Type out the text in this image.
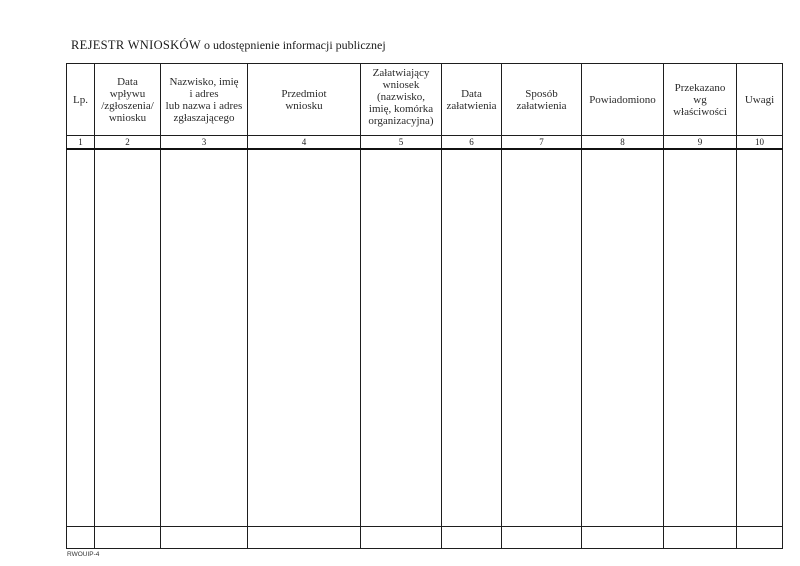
REJESTR WNIOSKÓW o udostępnienie informacji publicznej
Lp.	Data
wpływu
/zgłoszenia/
wniosku	Nazwisko, imię
i adres
lub nazwa i adres
zgłaszającego	Przedmiot
wniosku	Załatwiający
wniosek
(nazwisko,
imię, komórka
organizacyjna)	Data
załatwienia	Sposób
załatwienia	Powiadomiono	Przekazano
wg
właściwości	Uwagi
1	2	3	4	5	6	7	8	9	10

RWOUIP-4
